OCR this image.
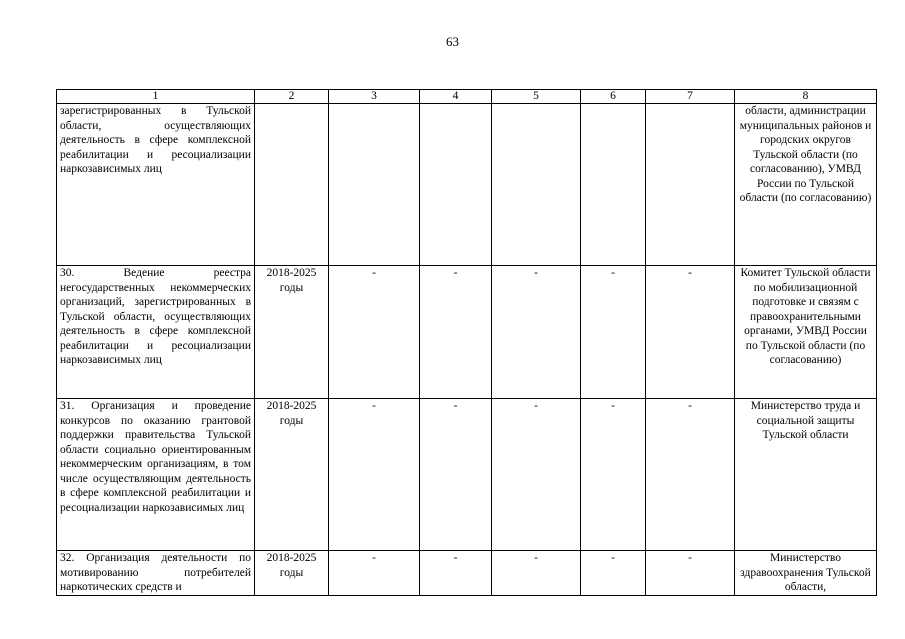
63
1	2	3	4	5	6	7	8
зарегистрированных в Тульской области, осуществляющих деятельность в сфере комплексной реабилитации и ресоциализации наркозависимых лиц							области, администрации муниципальных районов и городских округов Тульской области (по согласованию), УМВД России по Тульской области (по согласованию)
30. Ведение реестра негосударственных некоммерческих организаций, зарегистрированных в Тульской области, осуществляющих деятельность в сфере комплексной реабилитации и ресоциализации наркозависимых лиц	2018-2025 годы	-	-	-	-	-	Комитет Тульской области по мобилизационной подготовке и связям с правоохранительными органами, УМВД России по Тульской области (по согласованию)
31. Организация и проведение конкурсов по оказанию грантовой поддержки правительства Тульской области социально ориентированным некоммерческим организациям, в том числе осуществляющим деятельность в сфере комплексной реабилитации и ресоциализации наркозависимых лиц	2018-2025 годы	-	-	-	-	-	Министерство труда и социальной защиты Тульской области
32. Организация деятельности по мотивированию потребителей наркотических средств и	2018-2025 годы	-	-	-	-	-	Министерство здравоохранения Тульской области,
